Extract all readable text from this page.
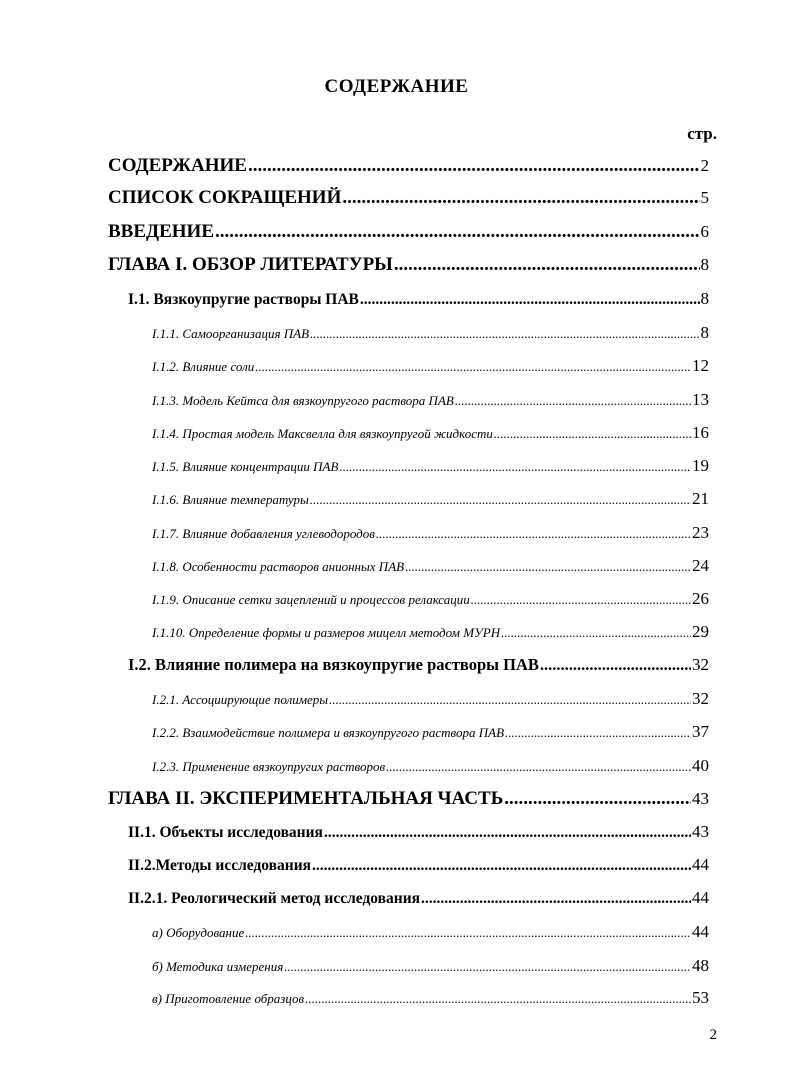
СОДЕРЖАНИЕ
стр.
СОДЕРЖАНИЕ .....	2
СПИСОК СОКРАЩЕНИЙ .....	5
ВВЕДЕНИЕ .....	6
ГЛАВА I. ОБЗОР ЛИТЕРАТУРЫ .....	8
I.1. Вязкоупругие растворы ПАВ .....	8
I.1.1. Самоорганизация ПАВ .....	8
I.1.2. Влияние соли .....	12
I.1.3. Модель Кейтса для вязкоупругого раствора ПАВ .....	13
I.1.4. Простая модель Максвелла для вязкоупругой жидкости .....	16
I.1.5. Влияние концентрации ПАВ .....	19
I.1.6. Влияние температуры .....	21
I.1.7. Влияние добавления углеводородов .....	23
I.1.8. Особенности растворов анионных ПАВ .....	24
I.1.9. Описание сетки зацеплений и процессов релаксации .....	26
I.1.10. Определение формы и размеров мицелл методом МУРН .....	29
I.2. Влияние полимера на вязкоупругие растворы ПАВ .....	32
I.2.1. Ассоциирующие полимеры .....	32
I.2.2. Взаимодействие полимера и вязкоупругого раствора ПАВ .....	37
I.2.3. Применение вязкоупругих растворов .....	40
ГЛАВА II. ЭКСПЕРИМЕНТАЛЬНАЯ ЧАСТЬ .....	43
II.1. Объекты исследования .....	43
II.2.Методы исследования .....	44
II.2.1. Реологический метод исследования .....	44
а) Оборудование .....	44
б) Методика измерения .....	48
в) Приготовление образцов .....	53
2
